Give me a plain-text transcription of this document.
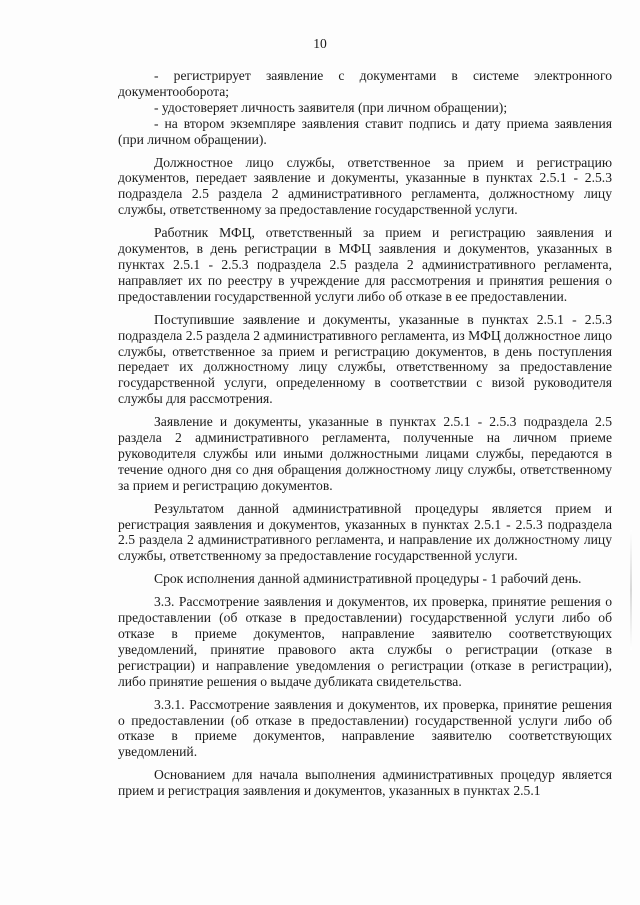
10

- регистрирует заявление с документами в системе электронного документооборота;

- удостоверяет личность заявителя (при личном обращении);

- на втором экземпляре заявления ставит подпись и дату приема заявления (при личном обращении).

Должностное лицо службы, ответственное за прием и регистрацию документов, передает заявление и документы, указанные в пунктах 2.5.1 - 2.5.3 подраздела 2.5 раздела 2 административного регламента, должностному лицу службы, ответственному за предоставление государственной услуги.

Работник МФЦ, ответственный за прием и регистрацию заявления и документов, в день регистрации в МФЦ заявления и документов, указанных в пунктах 2.5.1 - 2.5.3 подраздела 2.5 раздела 2 административного регламента, направляет их по реестру в учреждение для рассмотрения и принятия решения о предоставлении государственной услуги либо об отказе в ее предоставлении.

Поступившие заявление и документы, указанные в пунктах 2.5.1 - 2.5.3 подраздела 2.5 раздела 2 административного регламента, из МФЦ должностное лицо службы, ответственное за прием и регистрацию документов, в день поступления передает их должностному лицу службы, ответственному за предоставление государственной услуги, определенному в соответствии с визой руководителя службы для рассмотрения.

Заявление и документы, указанные в пунктах 2.5.1 - 2.5.3 подраздела 2.5 раздела 2 административного регламента, полученные на личном приеме руководителя службы или иными должностными лицами службы, передаются в течение одного дня со дня обращения должностному лицу службы, ответственному за прием и регистрацию документов.

Результатом данной административной процедуры является прием и регистрация заявления и документов, указанных в пунктах 2.5.1 - 2.5.3 подраздела 2.5 раздела 2 административного регламента, и направление их должностному лицу службы, ответственному за предоставление государственной услуги.

Срок исполнения данной административной процедуры - 1 рабочий день.

3.3. Рассмотрение заявления и документов, их проверка, принятие решения о предоставлении (об отказе в предоставлении) государственной услуги либо об отказе в приеме документов, направление заявителю соответствующих уведомлений, принятие правового акта службы о регистрации (отказе в регистрации) и направление уведомления о регистрации (отказе в регистрации), либо принятие решения о выдаче дубликата свидетельства.

3.3.1. Рассмотрение заявления и документов, их проверка, принятие решения о предоставлении (об отказе в предоставлении) государственной услуги либо об отказе в приеме документов, направление заявителю соответствующих уведомлений.

Основанием для начала выполнения административных процедур является прием и регистрация заявления и документов, указанных в пунктах 2.5.1
